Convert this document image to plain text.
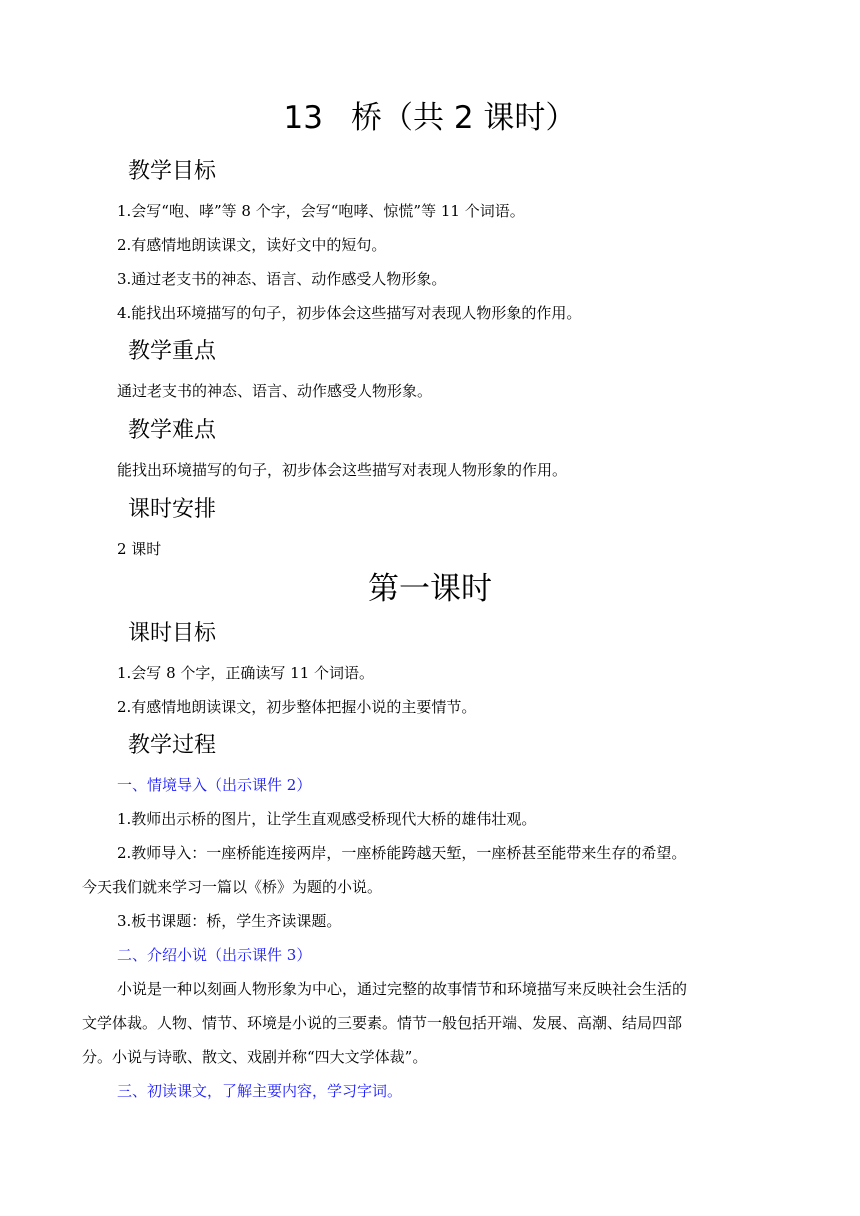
13 桥（共 2 课时）
教学目标

1.会写“咆、哮”等 8 个字，会写“咆哮、惊慌”等 11 个词语。

2.有感情地朗读课文，读好文中的短句。

3.通过老支书的神态、语言、动作感受人物形象。

4.能找出环境描写的句子，初步体会这些描写对表现人物形象的作用。

教学重点

通过老支书的神态、语言、动作感受人物形象。

教学难点

能找出环境描写的句子，初步体会这些描写对表现人物形象的作用。

课时安排

2 课时

第一课时
课时目标

1.会写 8 个字，正确读写 11 个词语。

2.有感情地朗读课文，初步整体把握小说的主要情节。

教学过程

一、情境导入（出示课件 2）

1.教师出示桥的图片，让学生直观感受桥现代大桥的雄伟壮观。

2.教师导入：一座桥能连接两岸，一座桥能跨越天堑，一座桥甚至能带来生存的希望。

今天我们就来学习一篇以《桥》为题的小说。

3.板书课题：桥，学生齐读课题。

二、介绍小说（出示课件 3）

小说是一种以刻画人物形象为中心，通过完整的故事情节和环境描写来反映社会生活的

文学体裁。人物、情节、环境是小说的三要素。情节一般包括开端、发展、高潮、结局四部

分。小说与诗歌、散文、戏剧并称“四大文学体裁”。

三、初读课文，了解主要内容，学习字词。
